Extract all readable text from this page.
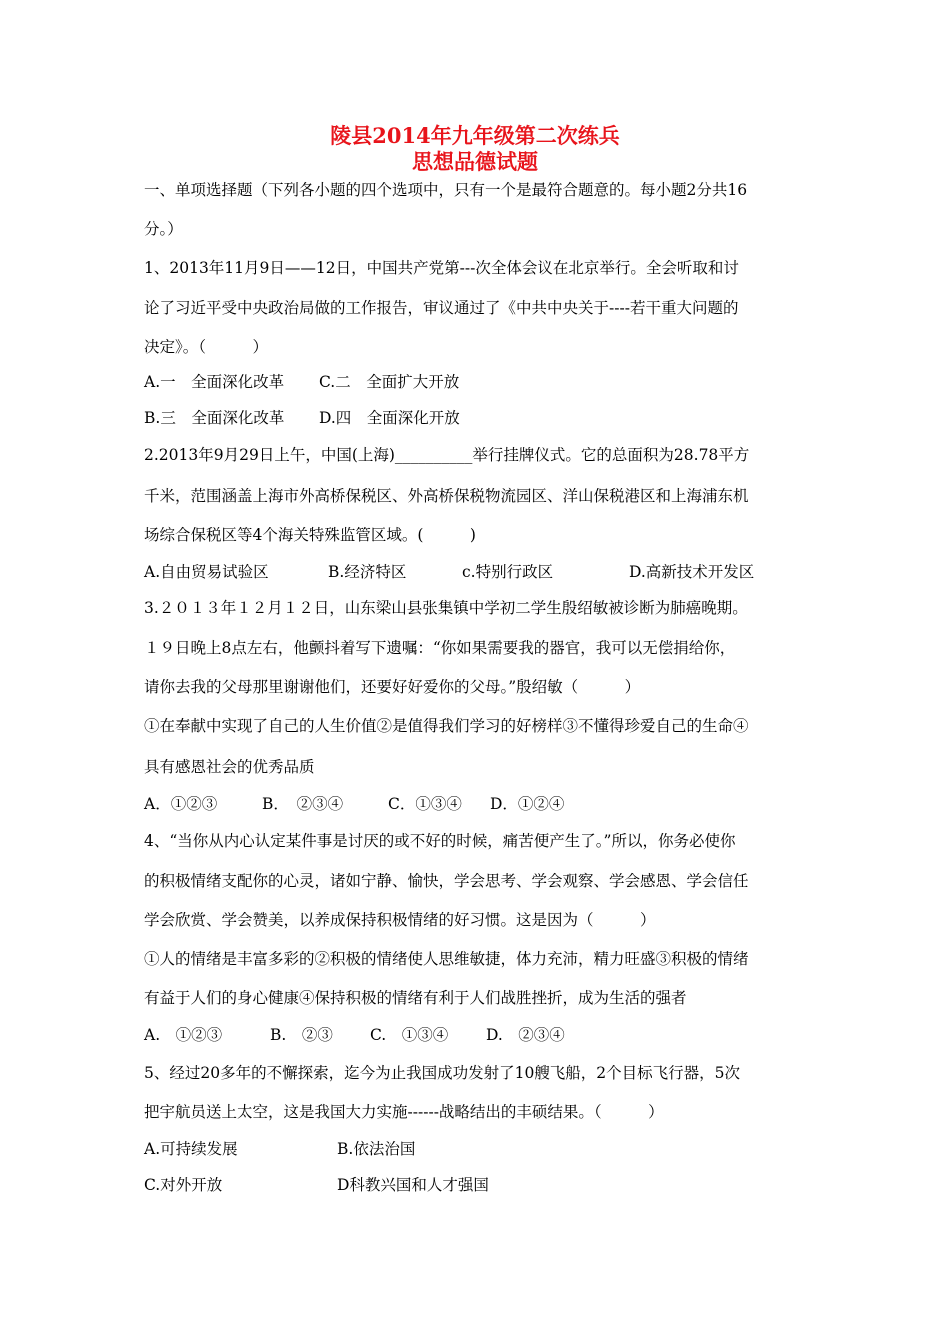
陵县2014年九年级第二次练兵
思想品德试题
一、单项选择题（下列各小题的四个选项中，只有一个是最符合题意的。每小题2分共16
分。）
1、2013年11月9日——12日，中国共产党第---次全体会议在北京举行。全会听取和讨
论了习近平受中央政治局做的工作报告，审议通过了《中共中央关于----若干重大问题的
决定》。（　　　）
A.一　全面深化改革 C.二　全面扩大开放
B.三　全面深化改革 D.四　全面深化开放
2.2013年9月29日上午，中国(上海)__________举行挂牌仪式。它的总面积为28.78平方
千米，范围涵盖上海市外高桥保税区、外高桥保税物流园区、洋山保税港区和上海浦东机
场综合保税区等4个海关特殊监管区域。(　　　)
A.自由贸易试验区	B.经济特区	c.特别行政区	D.高新技术开发区
3.２０１３年１２月１２日，山东梁山县张集镇中学初二学生殷绍敏被诊断为肺癌晚期。
１９日晚上8点左右，他颤抖着写下遗嘱：“你如果需要我的器官，我可以无偿捐给你，
请你去我的父母那里谢谢他们，还要好好爱你的父母。”殷绍敏（　　　）
①在奉献中实现了自己的人生价值②是值得我们学习的好榜样③不懂得珍爱自己的生命④
具有感恩社会的优秀品质
A．①②③	B．　②③④	C．①③④ D．①②④
4、“当你从内心认定某件事是讨厌的或不好的时候，痛苦便产生了。”所以，你务必使你
的积极情绪支配你的心灵，诸如宁静、愉快，学会思考、学会观察、学会感恩、学会信任
学会欣赏、学会赞美，以养成保持积极情绪的好习惯。这是因为（　　　）
①人的情绪是丰富多彩的②积极的情绪使人思维敏捷，体力充沛，精力旺盛③积极的情绪
有益于人们的身心健康④保持积极的情绪有利于人们战胜挫折，成为生活的强者
A.　①②③	B.　②③ C.　①③④ D.　②③④
5、经过20多年的不懈探索，迄今为止我国成功发射了10艘飞船，2个目标飞行器，5次
把宇航员送上太空，这是我国大力实施------战略结出的丰硕结果。（　　　）
A.可持续发展	B.依法治国
C.对外开放	D科教兴国和人才强国
